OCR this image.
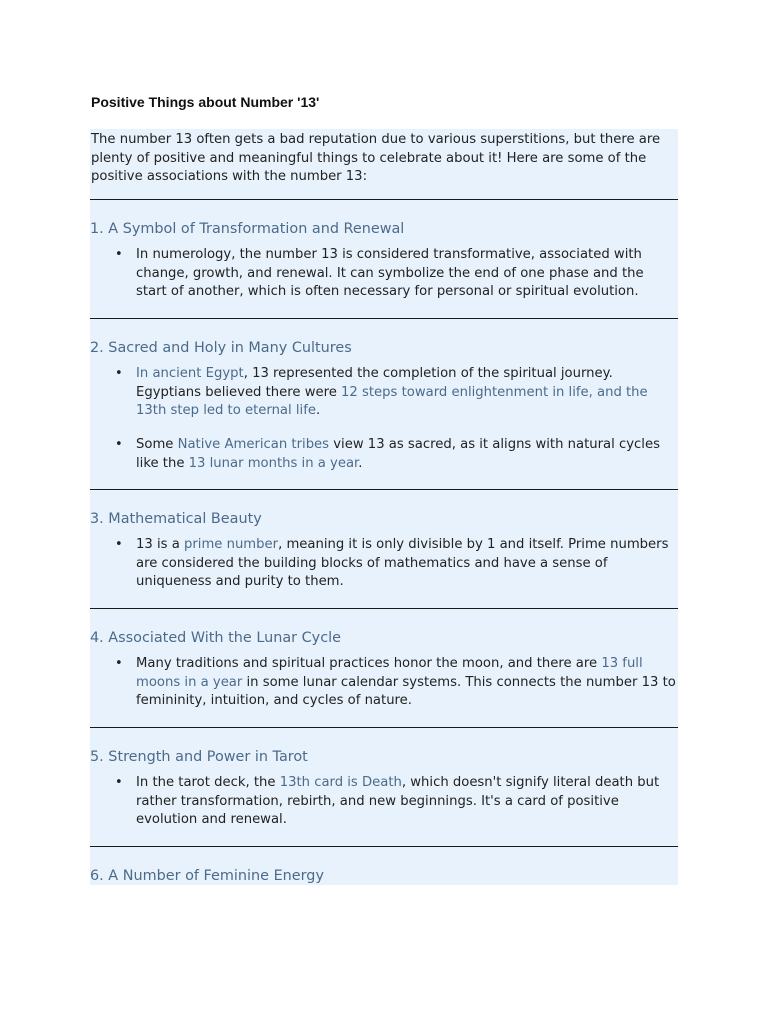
Positive Things about Number '13'

The number 13 often gets a bad reputation due to various superstitions, but there are plenty of positive and meaningful things to celebrate about it! Here are some of the positive associations with the number 13:

1. A Symbol of Transformation and Renewal
• In numerology, the number 13 is considered transformative, associated with change, growth, and renewal. It can symbolize the end of one phase and the start of another, which is often necessary for personal or spiritual evolution.
2. Sacred and Holy in Many Cultures
• In ancient Egypt, 13 represented the completion of the spiritual journey. Egyptians believed there were 12 steps toward enlightenment in life, and the 13th step led to eternal life.
• Some Native American tribes view 13 as sacred, as it aligns with natural cycles like the 13 lunar months in a year.
3. Mathematical Beauty
• 13 is a prime number, meaning it is only divisible by 1 and itself. Prime numbers are considered the building blocks of mathematics and have a sense of uniqueness and purity to them.
4. Associated With the Lunar Cycle
• Many traditions and spiritual practices honor the moon, and there are 13 full moons in a year in some lunar calendar systems. This connects the number 13 to femininity, intuition, and cycles of nature.
5. Strength and Power in Tarot
• In the tarot deck, the 13th card is Death, which doesn't signify literal death but rather transformation, rebirth, and new beginnings. It's a card of positive evolution and renewal.
6. A Number of Feminine Energy
